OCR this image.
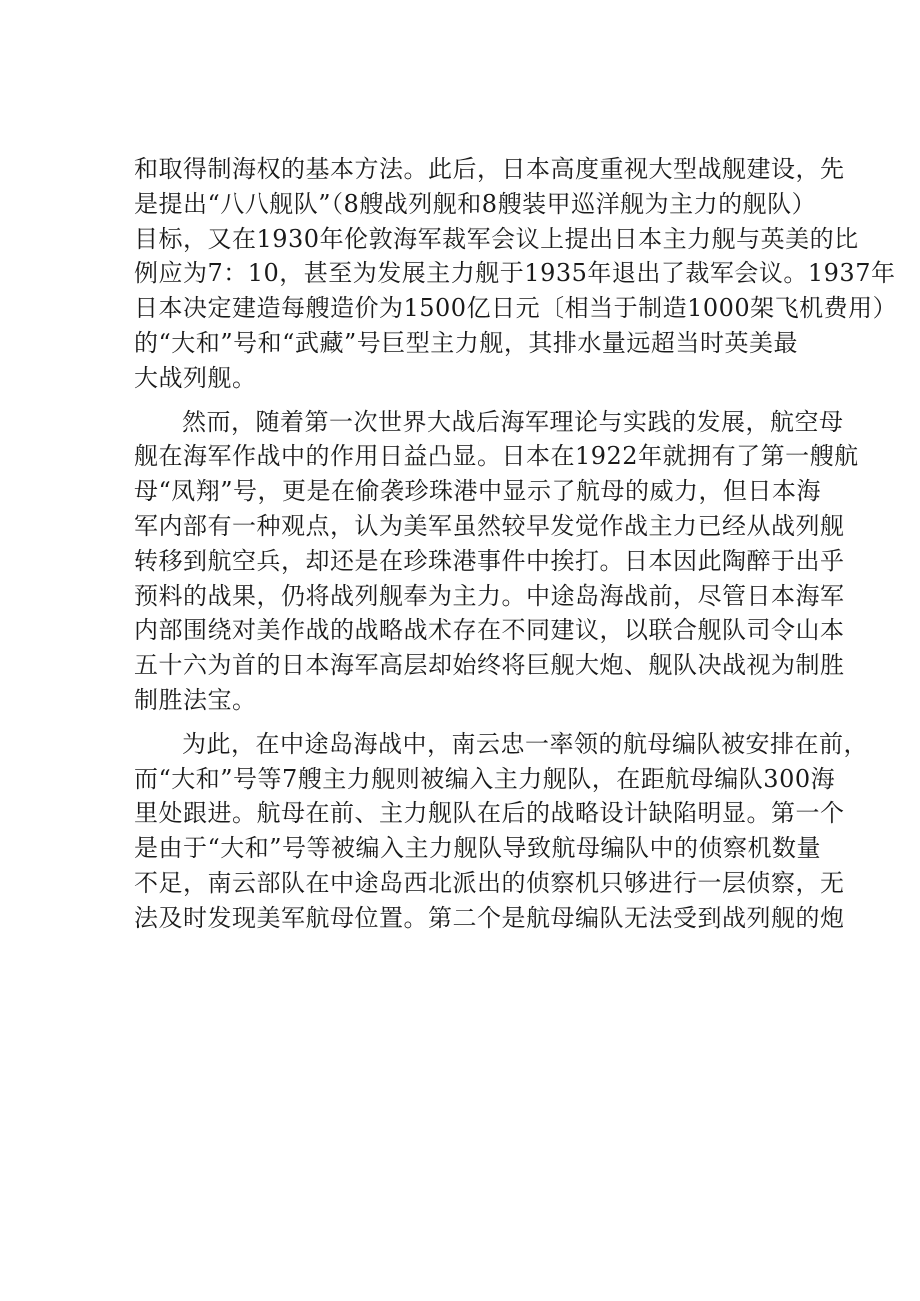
和取得制海权的基本方法。此后，日本高度重视大型战舰建设，先
是提出“八八舰队”（8艘战列舰和8艘装甲巡洋舰为主力的舰队）
目标，又在1930年伦敦海军裁军会议上提出日本主力舰与英美的比
例应为7：10，甚至为发展主力舰于1935年退出了裁军会议。1937年
日本决定建造每艘造价为1500亿日元〔相当于制造1000架飞机费用）
的“大和”号和“武藏”号巨型主力舰，其排水量远超当时英美最
大战列舰。
然而，随着第一次世界大战后海军理论与实践的发展，航空母
舰在海军作战中的作用日益凸显。日本在1922年就拥有了第一艘航
母“凤翔”号，更是在偷袭珍珠港中显示了航母的威力，但日本海
军内部有一种观点，认为美军虽然较早发觉作战主力已经从战列舰
转移到航空兵，却还是在珍珠港事件中挨打。日本因此陶醉于出乎
预料的战果，仍将战列舰奉为主力。中途岛海战前，尽管日本海军
内部围绕对美作战的战略战术存在不同建议，以联合舰队司令山本
五十六为首的日本海军高层却始终将巨舰大炮、舰队决战视为制胜
制胜法宝。
为此，在中途岛海战中，南云忠一率领的航母编队被安排在前，
而“大和”号等7艘主力舰则被编入主力舰队，在距航母编队300海
里处跟进。航母在前、主力舰队在后的战略设计缺陷明显。第一个
是由于“大和”号等被编入主力舰队导致航母编队中的侦察机数量
不足，南云部队在中途岛西北派出的侦察机只够进行一层侦察，无
法及时发现美军航母位置。第二个是航母编队无法受到战列舰的炮
